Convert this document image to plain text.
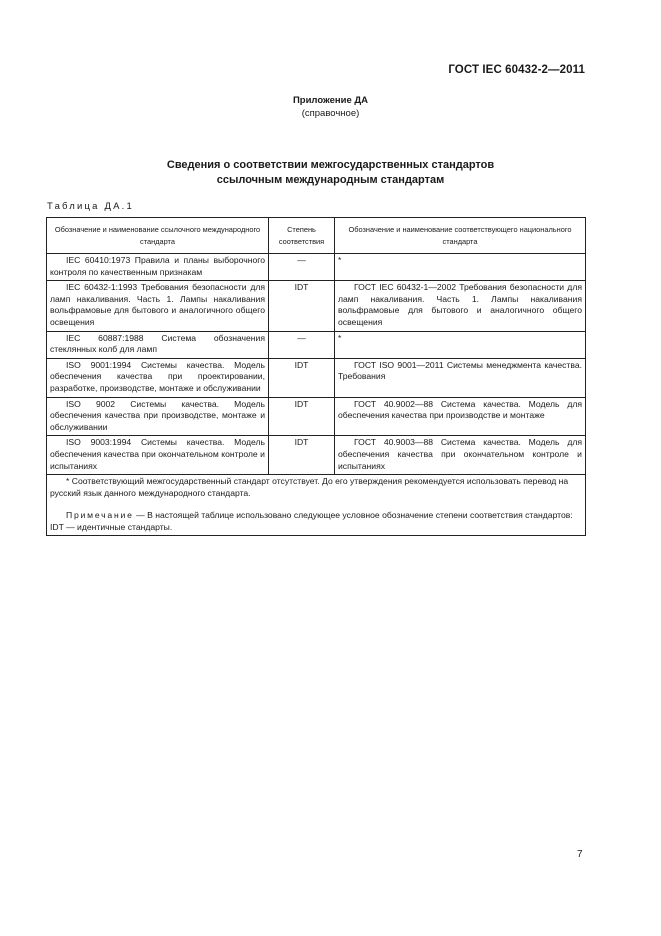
ГОСТ IEC 60432-2—2011
Приложение ДА
(справочное)
Сведения о соответствии межгосударственных стандартов
ссылочным международным стандартам
Таблица ДА.1
Обозначение и наименование ссылочного международного стандарта	Степень соответствия	Обозначение и наименование соответствующего национального стандарта
IEC 60410:1973 Правила и планы выборочного контроля по качественным признакам	—	*
IEC 60432-1:1993 Требования безопасности для ламп накаливания. Часть 1. Лампы накаливания вольфрамовые для бытового и аналогичного общего освещения	IDT	ГОСТ IEC 60432-1—2002 Требования безопасности для ламп накаливания. Часть 1. Лампы накаливания вольфрамовые для бытового и аналогичного общего освещения
IEC 60887:1988 Система обозначения стеклянных колб для ламп	—	*
ISO 9001:1994 Системы качества. Модель обеспечения качества при проектировании, разработке, производстве, монтаже и обслуживании	IDT	ГОСТ ISO 9001—2011 Системы менеджмента качества. Требования
ISO 9002 Системы качества. Модель обеспечения качества при производстве, монтаже и обслуживании	IDT	ГОСТ 40.9002—88 Система качества. Модель для обеспечения качества при производстве и монтаже
ISO 9003:1994 Системы качества. Модель обеспечения качества при окончательном контроле и испытаниях	IDT	ГОСТ 40.9003—88 Система качества. Модель для обеспечения качества при окончательном контроле и испытаниях

* Соответствующий межгосударственный стандарт отсутствует. До его утверждения рекомендуется использовать перевод на русский язык данного международного стандарта.

Примечание — В настоящей таблице использовано следующее условное обозначение степени соответствия стандартов:

IDT — идентичные стандарты.		

7
